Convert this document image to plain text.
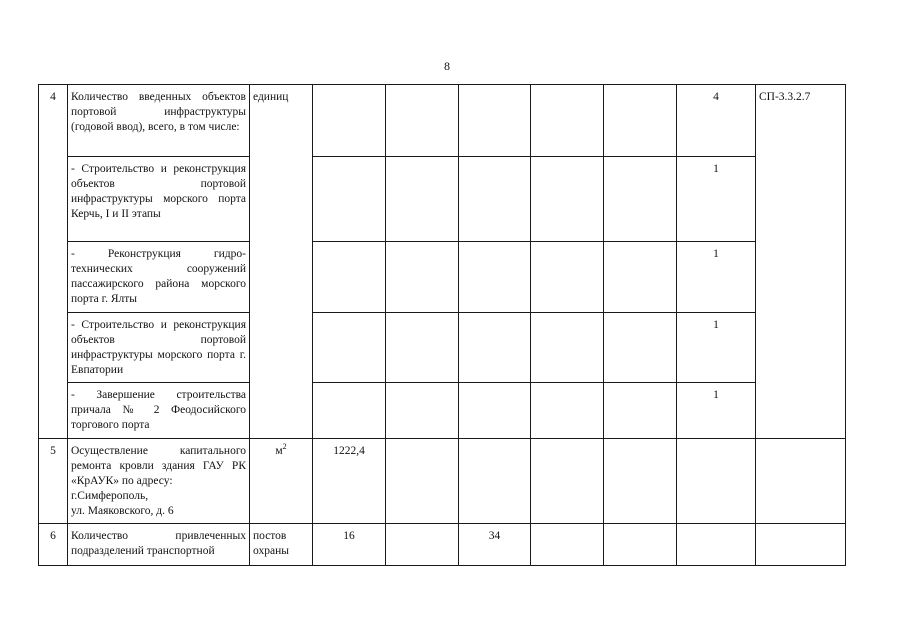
8
4	Количество введенных объектов портовой инфраструктуры (годовой ввод), всего, в том числе:	единиц						4	СП-3.3.2.7
	- Строительство и реконструкция объектов портовой инфраструктуры морского порта Керчь, I и II этапы							1	
	- Реконструкция гидро-технических сооружений пассажирского района морского порта г. Ялты							1	
	- Строительство и реконструкция объектов портовой инфраструктуры морского порта г. Евпатории							1	
	- Завершение строительства причала № 2 Феодосийского торгового порта							1	
5	Осуществление капитального ремонта кровли здания ГАУ РК «КрАУК» по адресу:
г.Симферополь,
ул. Маяковского, д. 6	$м^2$	1222,4						
6	Количество привлеченных подразделений транспортной	постов охраны	16		34				
